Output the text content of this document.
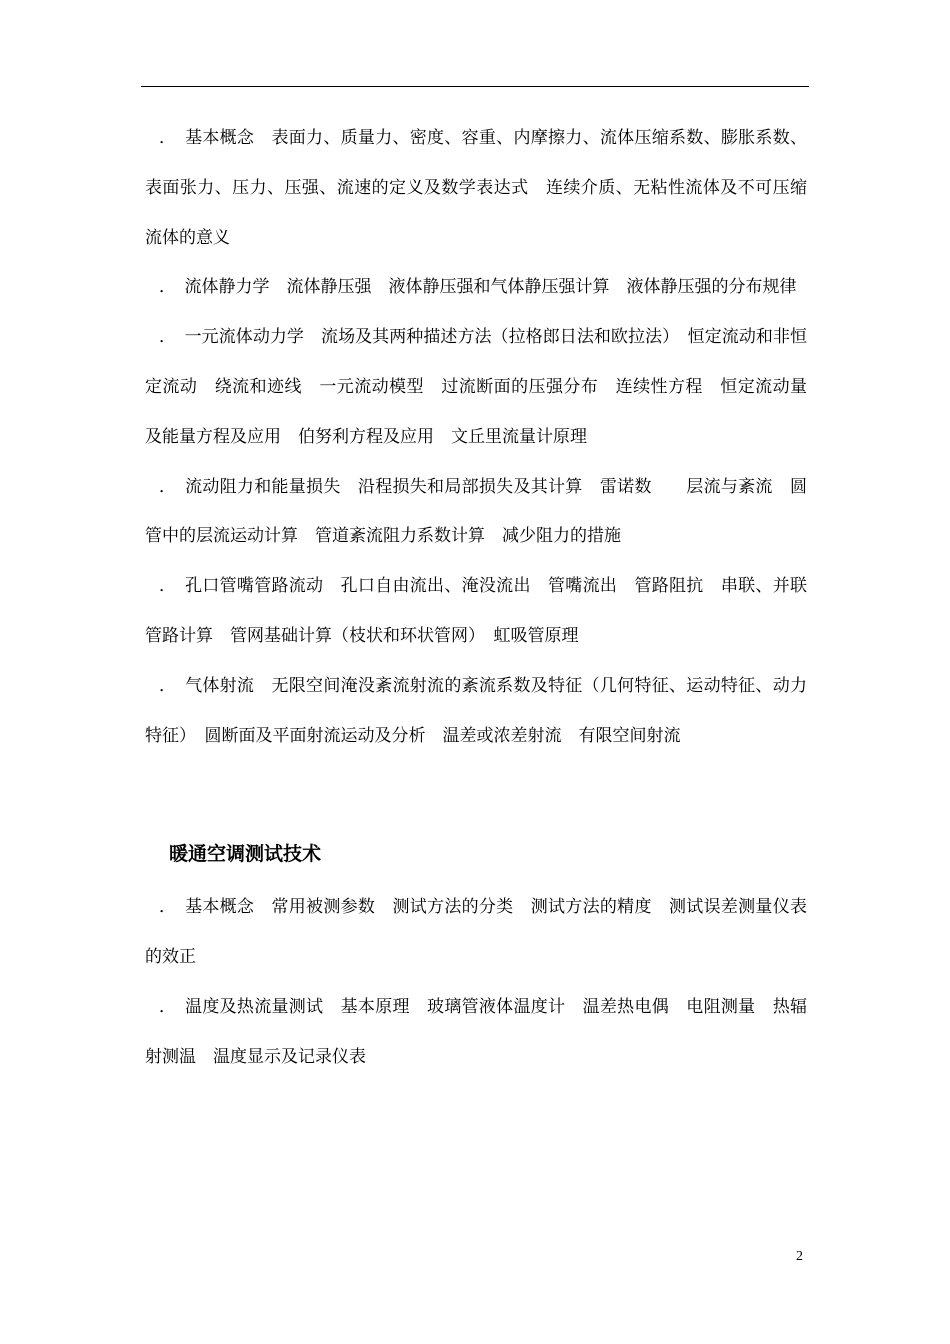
．　基本概念　表面力、质量力、密度、容重、内摩擦力、流体压缩系数、膨胀系数、表面张力、压力、压强、流速的定义及数学表达式　连续介质、无粘性流体及不可压缩流体的意义

．　流体静力学　流体静压强　液体静压强和气体静压强计算　液体静压强的分布规律

．　一元流体动力学　流场及其两种描述方法（拉格郎日法和欧拉法）　恒定流动和非恒定流动　绕流和迹线　一元流动模型　过流断面的压强分布　连续性方程　恒定流动量及能量方程及应用　伯努利方程及应用　文丘里流量计原理

．　流动阻力和能量损失　沿程损失和局部损失及其计算　雷诺数　　层流与紊流　圆管中的层流运动计算　管道紊流阻力系数计算　减少阻力的措施

．　孔口管嘴管路流动　孔口自由流出、淹没流出　管嘴流出　管路阻抗　串联、并联管路计算　管网基础计算（枝状和环状管网）　虹吸管原理

．　气体射流　无限空间淹没紊流射流的紊流系数及特征（几何特征、运动特征、动力特征）　圆断面及平面射流运动及分析　温差或浓差射流　有限空间射流

暖通空调测试技术

．　基本概念　常用被测参数　测试方法的分类　测试方法的精度　测试误差测量仪表的效正

．　温度及热流量测试　基本原理　玻璃管液体温度计　温差热电偶　电阻测量　热辐射测温　温度显示及记录仪表

2
